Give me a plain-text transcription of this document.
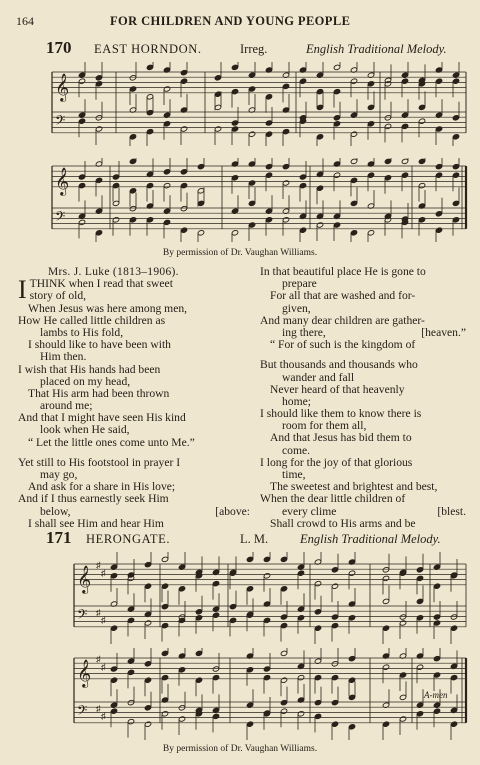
164	FOR CHILDREN AND YOUNG PEOPLE
170 EAST HORNDON.	Irreg.	English Traditional Melody.
𝄞
𝄢
𝄞
𝄢
By permission of Dr. Vaughan Williams.
Mrs. J. Luke (1813–1906).
ITHINK when I read that sweet
story of old,
When Jesus was here among men,
How He called little children as
lambs to His fold,
I should like to have been with
Him then.
I wish that His hands had been
placed on my head,
That His arm had been thrown
around me;
And that I might have seen His kind
look when He said,
“ Let the little ones come unto Me.”
Yet still to His footstool in prayer I
may go,
And ask for a share in His love;
And if I thus earnestly seek Him
below,	[above:
I shall see Him and hear Him
In that beautiful place He is gone to
prepare
For all that are washed and for-
given,
And many dear children are gather-
ing there,	[heaven.”
“ For of such is the kingdom of
But thousands and thousands who
wander and fall
Never heard of that heavenly
home;
I should like them to know there is
room for them all,
And that Jesus has bid them to
come.
I long for the joy of that glorious
time,
The sweetest and brightest and best,
When the dear little children of
every clime	[blest.
Shall crowd to His arms and be
171 HERONGATE.	L. M.	English Traditional Melody.
𝄞 ♯
♯
𝄢 ♯
♯
𝄞 ♯
♯
𝄢 ♯
♯
A-men
By permission of Dr. Vaughan Williams.
